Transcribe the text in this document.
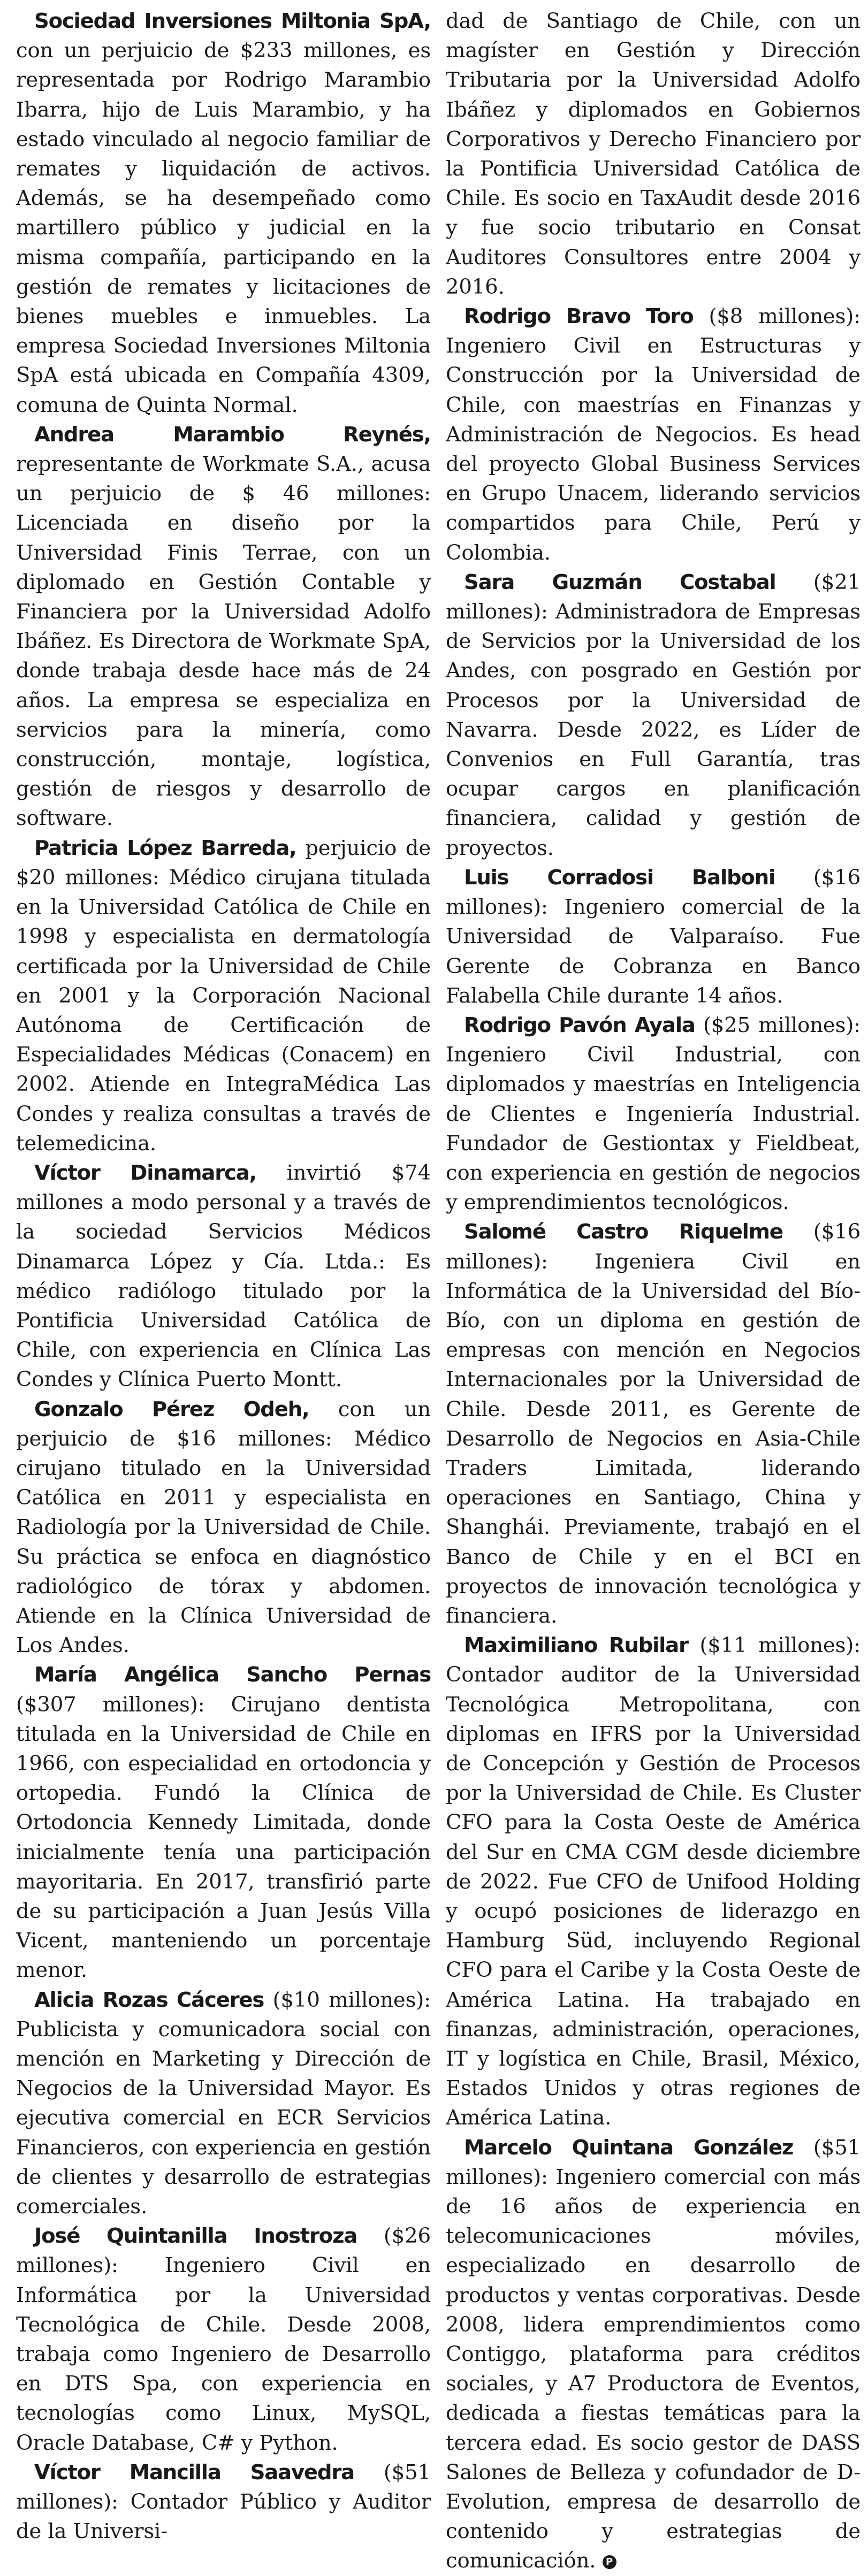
Sociedad Inversiones Miltonia SpA, con un perjuicio de $233 millones, es representada por Rodrigo Marambio Ibarra, hijo de Luis Marambio, y ha estado vinculado al negocio familiar de remates y liquidación de activos. Además, se ha desempeñado como martillero público y judicial en la misma compañía, participando en la gestión de remates y licitaciones de bienes muebles e inmuebles. La empresa Sociedad Inversiones Miltonia SpA está ubicada en Compañía 4309, comuna de Quinta Normal.

Andrea Marambio Reynés, representante de Workmate S.A., acusa un perjuicio de $ 46 millones: Licenciada en diseño por la Universidad Finis Terrae, con un diplomado en Gestión Contable y Financiera por la Universidad Adolfo Ibáñez. Es Directora de Workmate SpA, donde trabaja desde hace más de 24 años. La empresa se especializa en servicios para la minería, como construcción, montaje, logística, gestión de riesgos y desarrollo de software.

Patricia López Barreda, perjuicio de $20 millones: Médico cirujana titulada en la Universidad Católica de Chile en 1998 y especialista en dermatología certificada por la Universidad de Chile en 2001 y la Corporación Nacional Autónoma de Certificación de Especialidades Médicas (Conacem) en 2002. Atiende en IntegraMédica Las Condes y realiza consultas a través de telemedicina.

Víctor Dinamarca, invirtió $74 millones a modo personal y a través de la sociedad Servicios Médicos Dinamarca López y Cía. Ltda.: Es médico radiólogo titulado por la Pontificia Universidad Católica de Chile, con experiencia en Clínica Las Condes y Clínica Puerto Montt.

Gonzalo Pérez Odeh, con un perjuicio de $16 millones: Médico cirujano titulado en la Universidad Católica en 2011 y especialista en Radiología por la Universidad de Chile. Su práctica se enfoca en diagnóstico radiológico de tórax y abdomen. Atiende en la Clínica Universidad de Los Andes.

María Angélica Sancho Pernas ($307 millones): Cirujano dentista titulada en la Universidad de Chile en 1966, con especialidad en ortodoncia y ortopedia. Fundó la Clínica de Ortodoncia Kennedy Limitada, donde inicialmente tenía una participación mayoritaria. En 2017, transfirió parte de su participación a Juan Jesús Villa Vicent, manteniendo un porcentaje menor.

Alicia Rozas Cáceres ($10 millones): Publicista y comunicadora social con mención en Marketing y Dirección de Negocios de la Universidad Mayor. Es ejecutiva comercial en ECR Servicios Financieros, con experiencia en gestión de clientes y desarrollo de estrategias comerciales.

José Quintanilla Inostroza ($26 millones): Ingeniero Civil en Informática por la Universidad Tecnológica de Chile. Desde 2008, trabaja como Ingeniero de Desarrollo en DTS Spa, con experiencia en tecnologías como Linux, MySQL, Oracle Database, C# y Python.

Víctor Mancilla Saavedra ($51 millones): Contador Público y Auditor de la Universi-

dad de Santiago de Chile, con un magíster en Gestión y Dirección Tributaria por la Universidad Adolfo Ibáñez y diplomados en Gobiernos Corporativos y Derecho Financiero por la Pontificia Universidad Católica de Chile. Es socio en TaxAudit desde 2016 y fue socio tributario en Consat Auditores Consultores entre 2004 y 2016.

Rodrigo Bravo Toro ($8 millones): Ingeniero Civil en Estructuras y Construcción por la Universidad de Chile, con maestrías en Finanzas y Administración de Negocios. Es head del proyecto Global Business Services en Grupo Unacem, liderando servicios compartidos para Chile, Perú y Colombia.

Sara Guzmán Costabal ($21 millones): Administradora de Empresas de Servicios por la Universidad de los Andes, con posgrado en Gestión por Procesos por la Universidad de Navarra. Desde 2022, es Líder de Convenios en Full Garantía, tras ocupar cargos en planificación financiera, calidad y gestión de proyectos.

Luis Corradosi Balboni ($16 millones): Ingeniero comercial de la Universidad de Valparaíso. Fue Gerente de Cobranza en Banco Falabella Chile durante 14 años.

Rodrigo Pavón Ayala ($25 millones): Ingeniero Civil Industrial, con diplomados y maestrías en Inteligencia de Clientes e Ingeniería Industrial. Fundador de Gestiontax y Fieldbeat, con experiencia en gestión de negocios y emprendimientos tecnológicos.

Salomé Castro Riquelme ($16 millones): Ingeniera Civil en Informática de la Universidad del Bío-Bío, con un diploma en gestión de empresas con mención en Negocios Internacionales por la Universidad de Chile. Desde 2011, es Gerente de Desarrollo de Negocios en Asia-Chile Traders Limitada, liderando operaciones en Santiago, China y Shanghái. Previamente, trabajó en el Banco de Chile y en el BCI en proyectos de innovación tecnológica y financiera.

Maximiliano Rubilar ($11 millones): Contador auditor de la Universidad Tecnológica Metropolitana, con diplomas en IFRS por la Universidad de Concepción y Gestión de Procesos por la Universidad de Chile. Es Cluster CFO para la Costa Oeste de América del Sur en CMA CGM desde diciembre de 2022. Fue CFO de Unifood Holding y ocupó posiciones de liderazgo en Hamburg Süd, incluyendo Regional CFO para el Caribe y la Costa Oeste de América Latina. Ha trabajado en finanzas, administración, operaciones, IT y logística en Chile, Brasil, México, Estados Unidos y otras regiones de América Latina.

Marcelo Quintana González ($51 millones): Ingeniero comercial con más de 16 años de experiencia en telecomunicaciones móviles, especializado en desarrollo de productos y ventas corporativas. Desde 2008, lidera emprendimientos como Contiggo, plataforma para créditos sociales, y A7 Productora de Eventos, dedicada a fiestas temáticas para la tercera edad. Es socio gestor de DASS Salones de Belleza y cofundador de D-Evolution, empresa de desarrollo de contenido y estrategias de comunicación. P
